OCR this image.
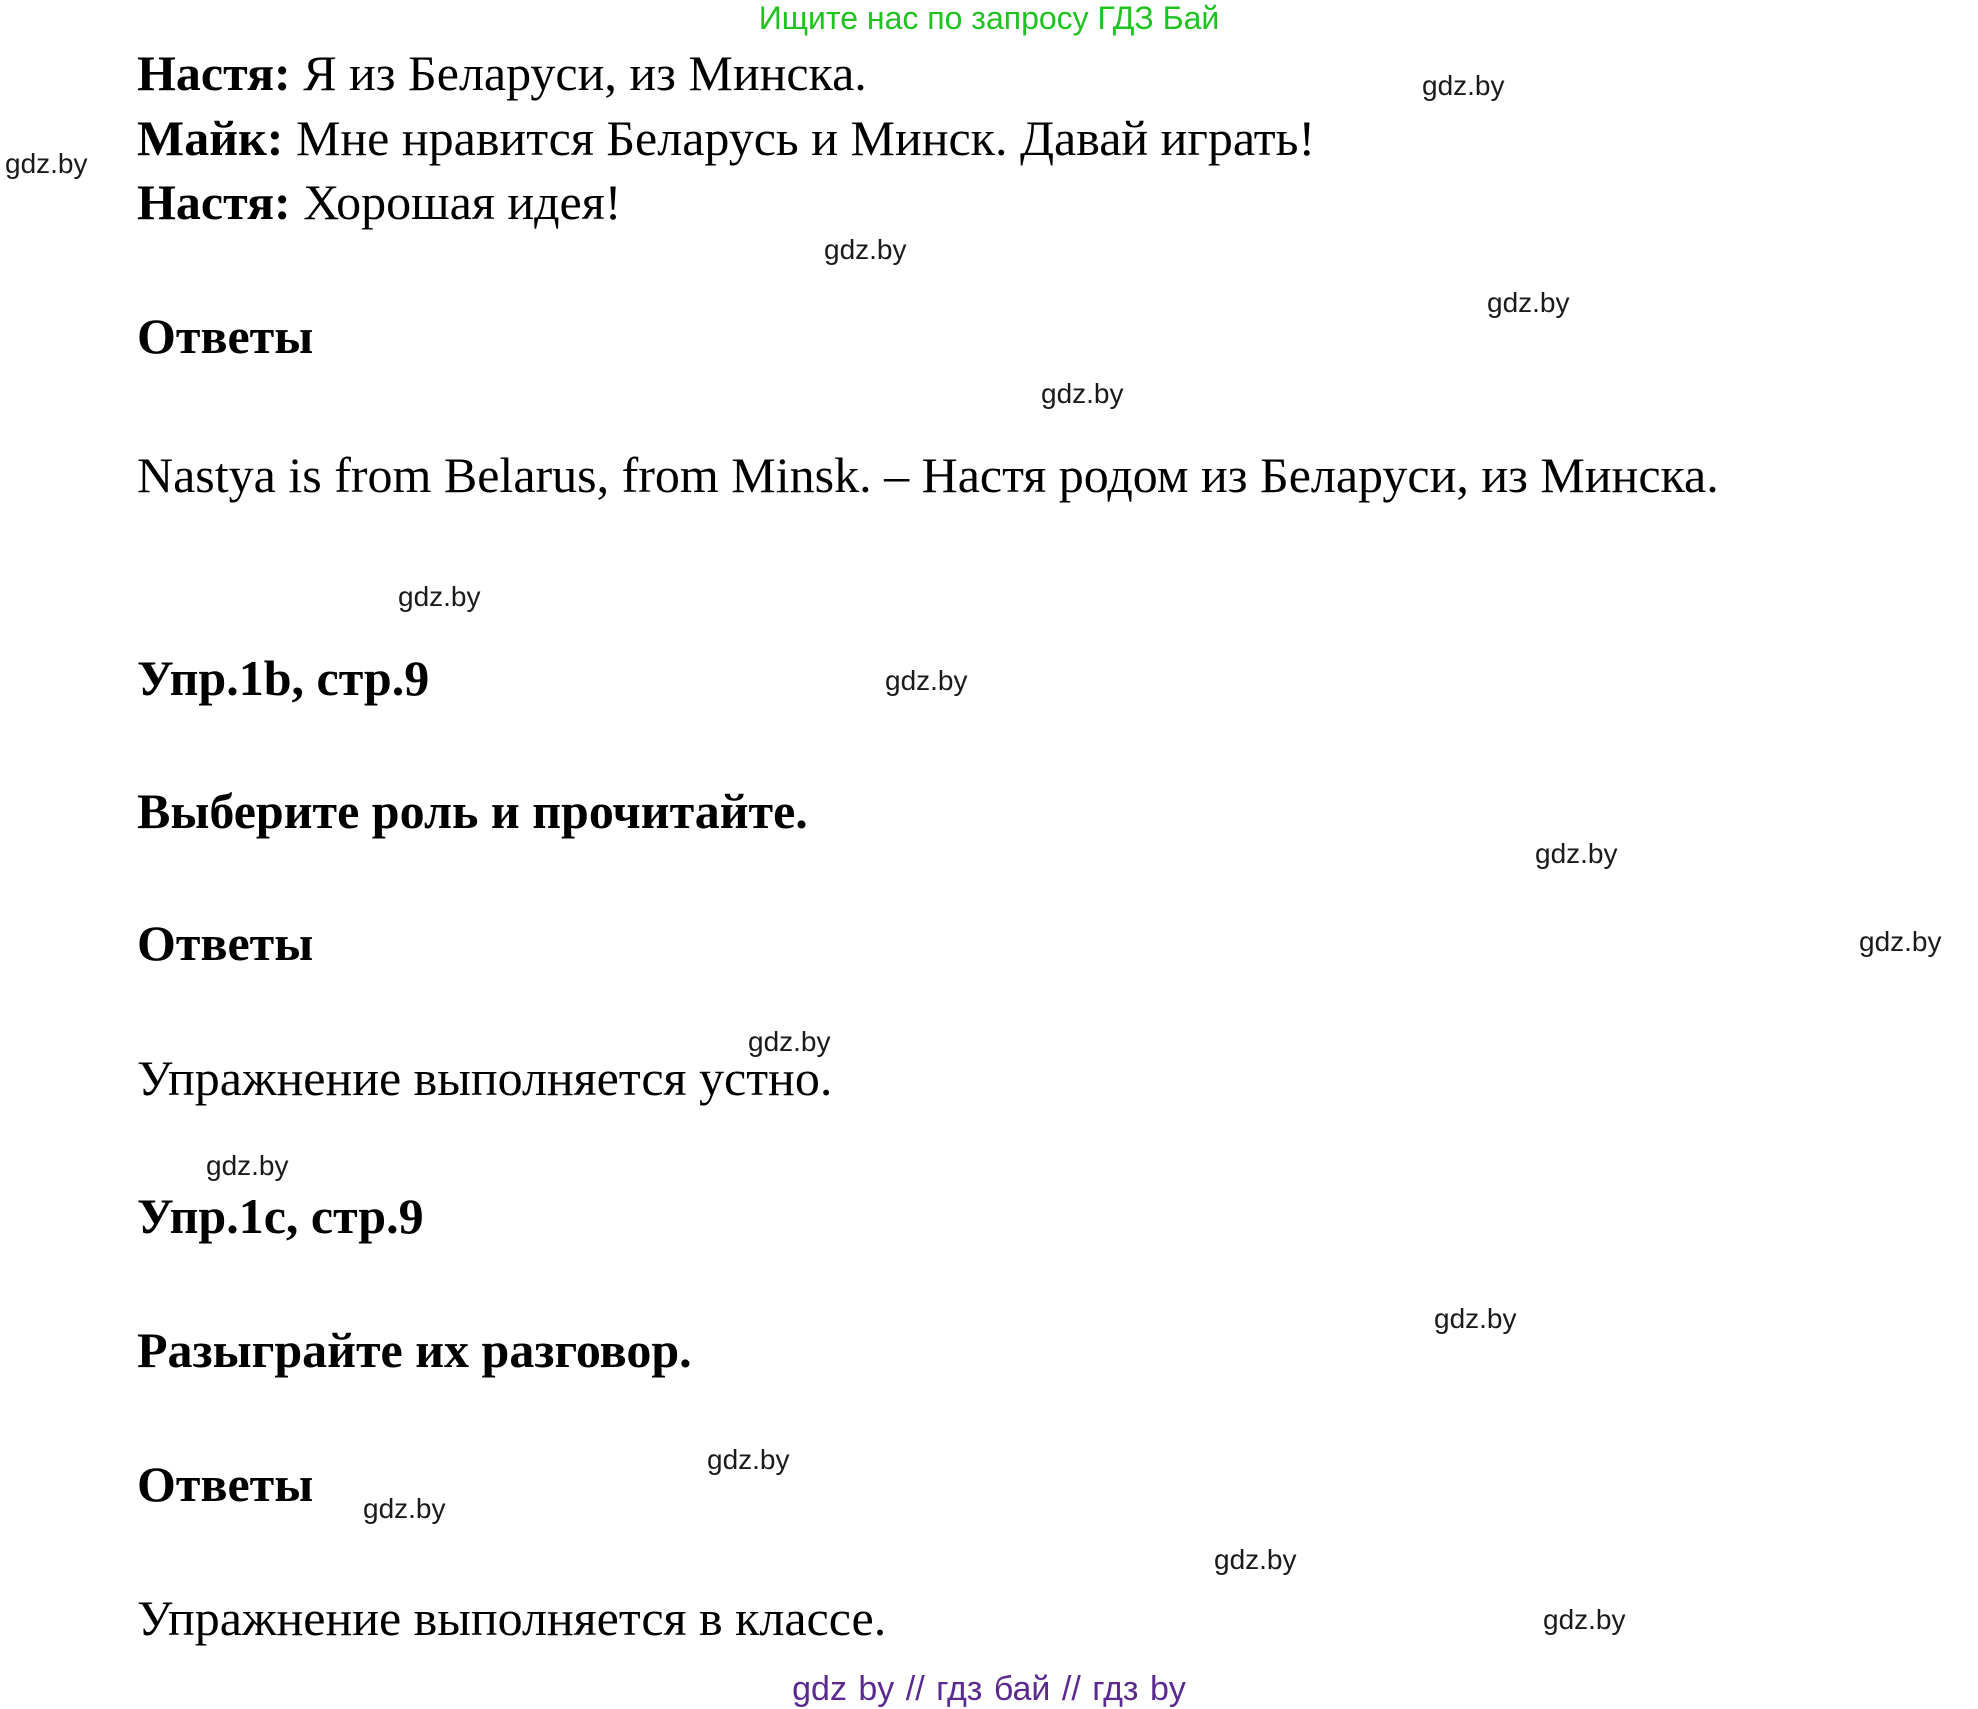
Ищите нас по запросу ГДЗ Бай
Настя: Я из Беларуси, из Минска.
Майк: Мне нравится Беларусь и Минск. Давай играть!
Настя: Хорошая идея!
Ответы
Nastya is from Belarus, from Minsk. – Настя родом из Беларуси, из Минска.
Упр.1b, стр.9
Выберите роль и прочитайте.
Ответы
Упражнение выполняется устно.
Упр.1c, стр.9
Разыграйте их разговор.
Ответы
Упражнение выполняется в классе.
gdz.by
gdz.by
gdz.by
gdz.by
gdz.by
gdz.by
gdz.by
gdz.by
gdz.by
gdz.by
gdz.by
gdz.by
gdz.by
gdz.by
gdz.by
gdz.by
gdz by // гдз бай // гдз by
